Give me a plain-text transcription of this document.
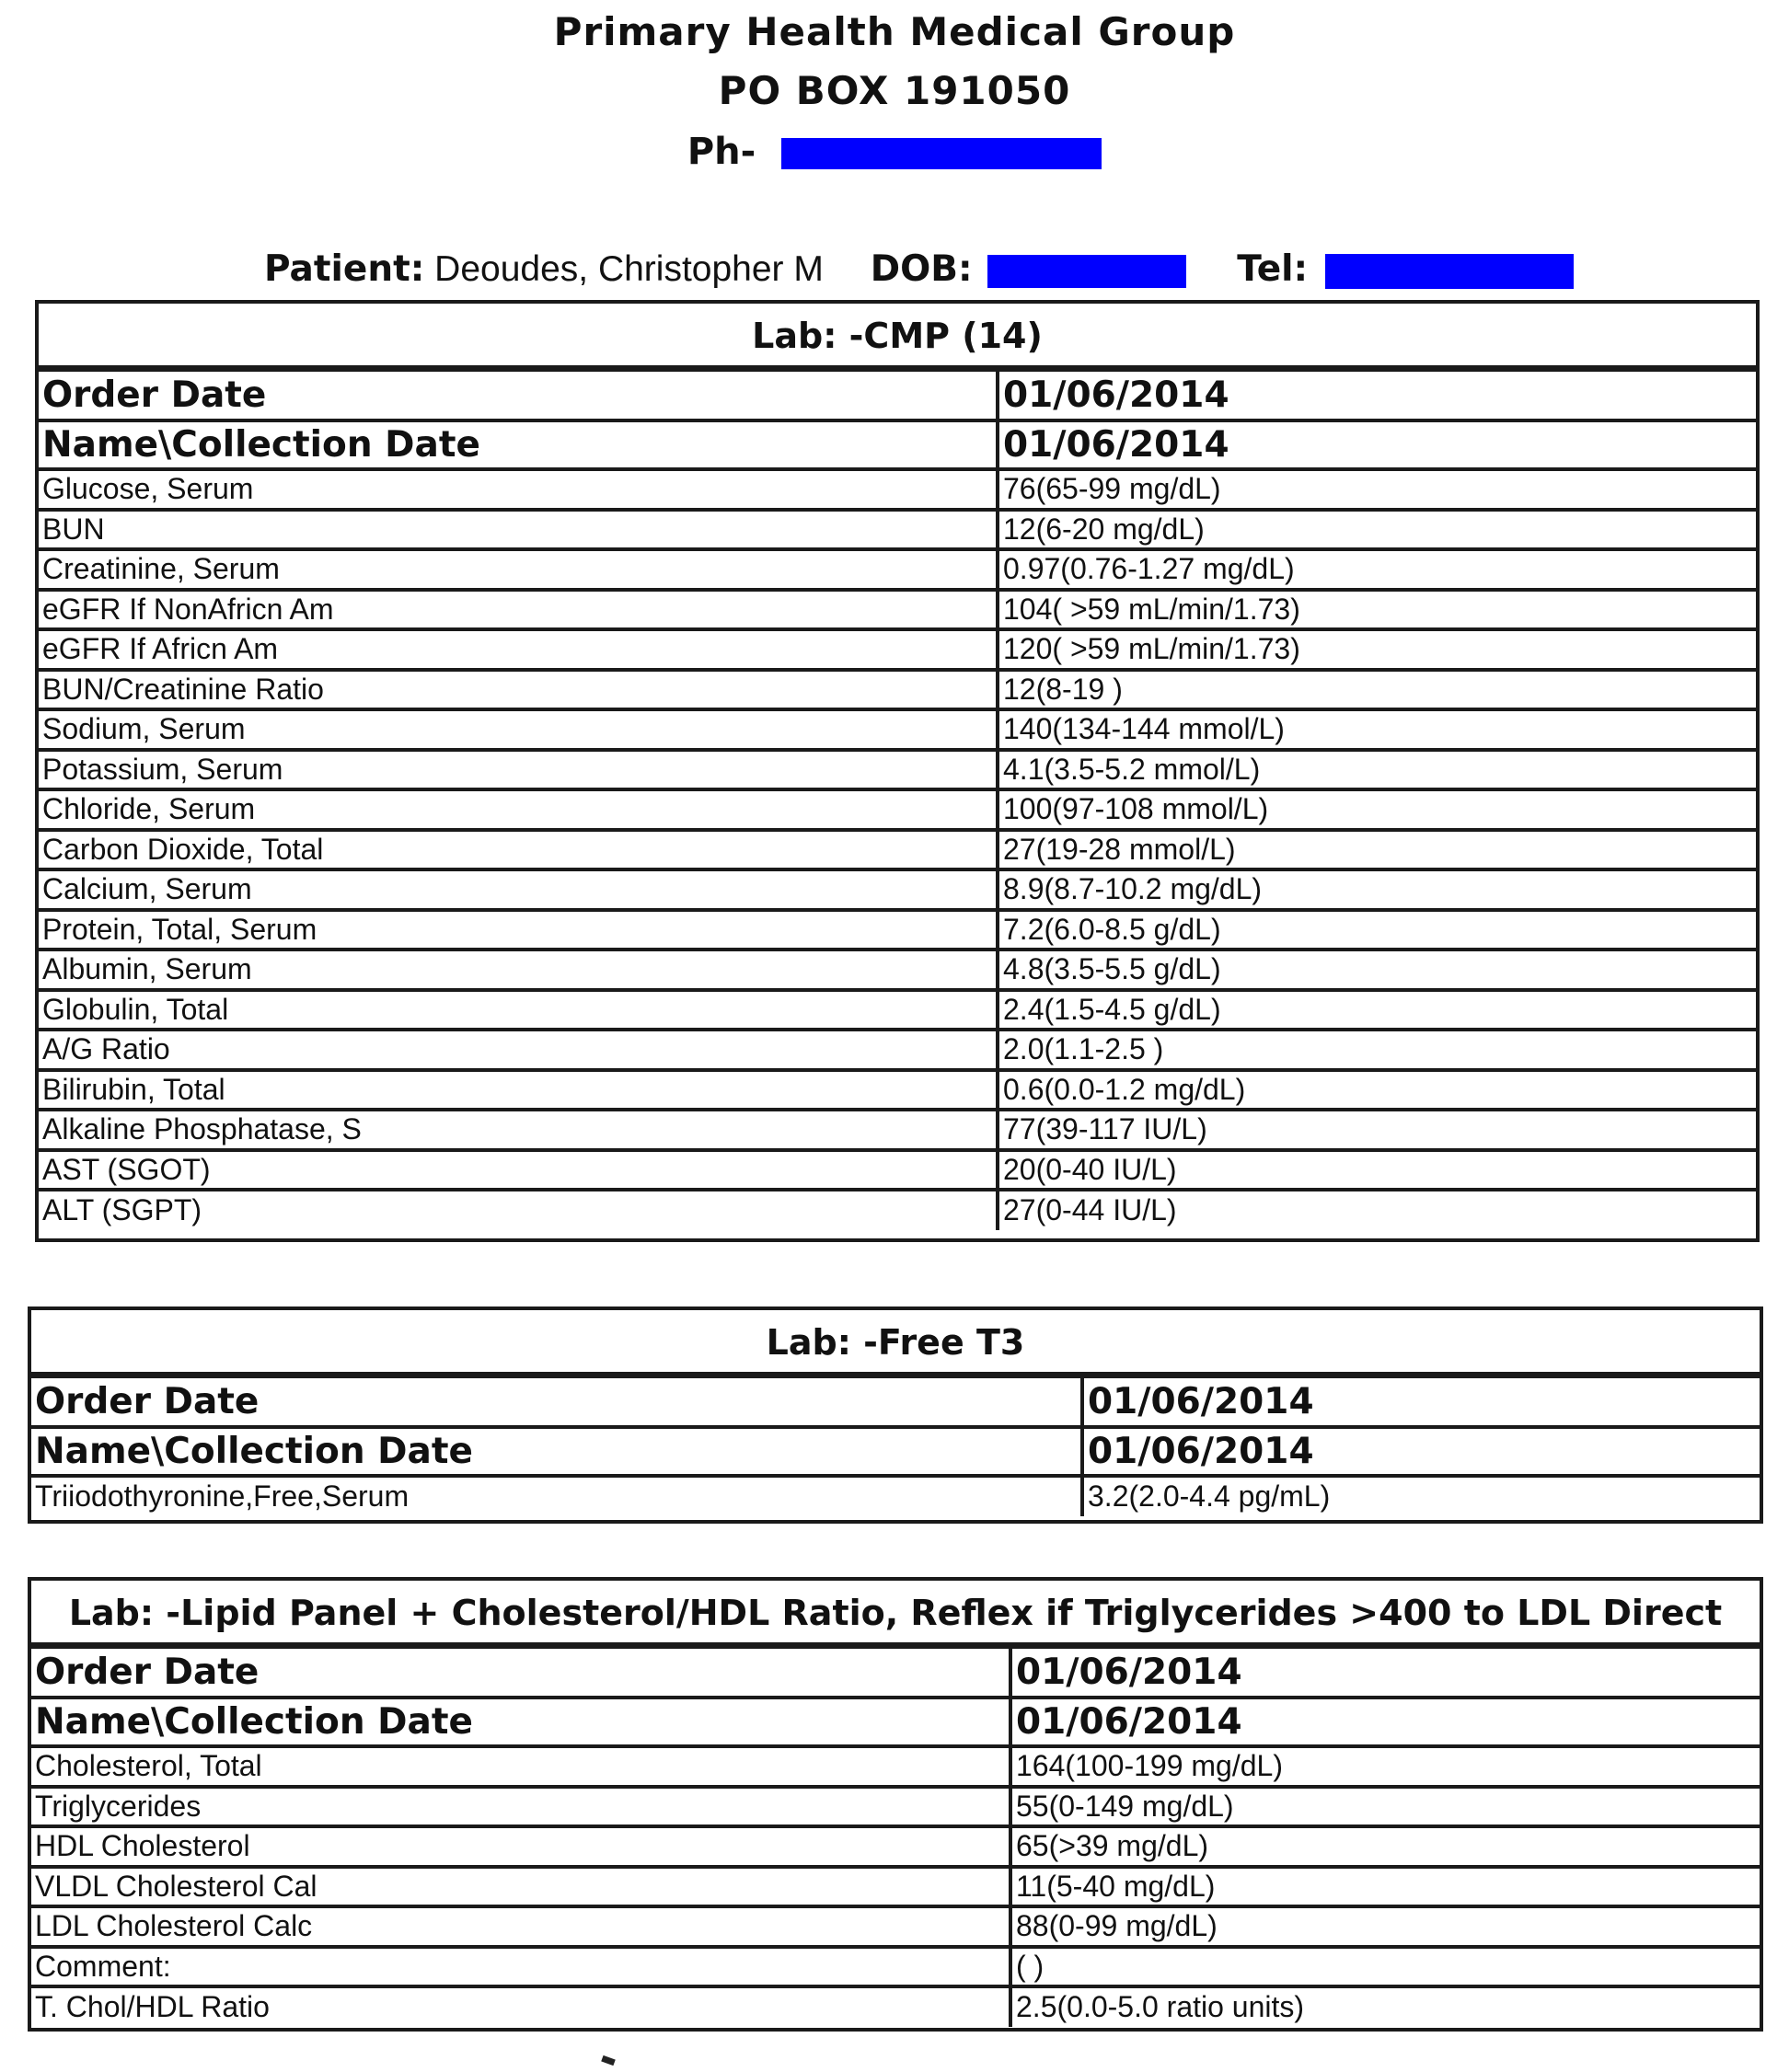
Primary Health Medical Group
PO BOX 191050
Ph-
Patient: Deoudes, Christopher M DOB:	Tel:
Lab: -CMP (14)
Order Date	01/06/2014
Name\Collection Date	01/06/2014
Glucose, Serum	76(65-99 mg/dL)
BUN	12(6-20 mg/dL)
Creatinine, Serum	0.97(0.76-1.27 mg/dL)
eGFR If NonAfricn Am	104( >59 mL/min/1.73)
eGFR If Africn Am	120( >59 mL/min/1.73)
BUN/Creatinine Ratio	12(8-19 )
Sodium, Serum	140(134-144 mmol/L)
Potassium, Serum	4.1(3.5-5.2 mmol/L)
Chloride, Serum	100(97-108 mmol/L)
Carbon Dioxide, Total	27(19-28 mmol/L)
Calcium, Serum	8.9(8.7-10.2 mg/dL)
Protein, Total, Serum	7.2(6.0-8.5 g/dL)
Albumin, Serum	4.8(3.5-5.5 g/dL)
Globulin, Total	2.4(1.5-4.5 g/dL)
A/G Ratio	2.0(1.1-2.5 )
Bilirubin, Total	0.6(0.0-1.2 mg/dL)
Alkaline Phosphatase, S	77(39-117 IU/L)
AST (SGOT)	20(0-40 IU/L)
ALT (SGPT)	27(0-44 IU/L)
Lab: -Free T3
Order Date	01/06/2014
Name\Collection Date	01/06/2014
Triiodothyronine,Free,Serum	3.2(2.0-4.4 pg/mL)
Lab: -Lipid Panel + Cholesterol/HDL Ratio, Reflex if Triglycerides >400 to LDL Direct
Order Date	01/06/2014
Name\Collection Date	01/06/2014
Cholesterol, Total	164(100-199 mg/dL)
Triglycerides	55(0-149 mg/dL)
HDL Cholesterol	65(>39 mg/dL)
VLDL Cholesterol Cal	11(5-40 mg/dL)
LDL Cholesterol Calc	88(0-99 mg/dL)
Comment:	( )
T. Chol/HDL Ratio	2.5(0.0-5.0 ratio units)
